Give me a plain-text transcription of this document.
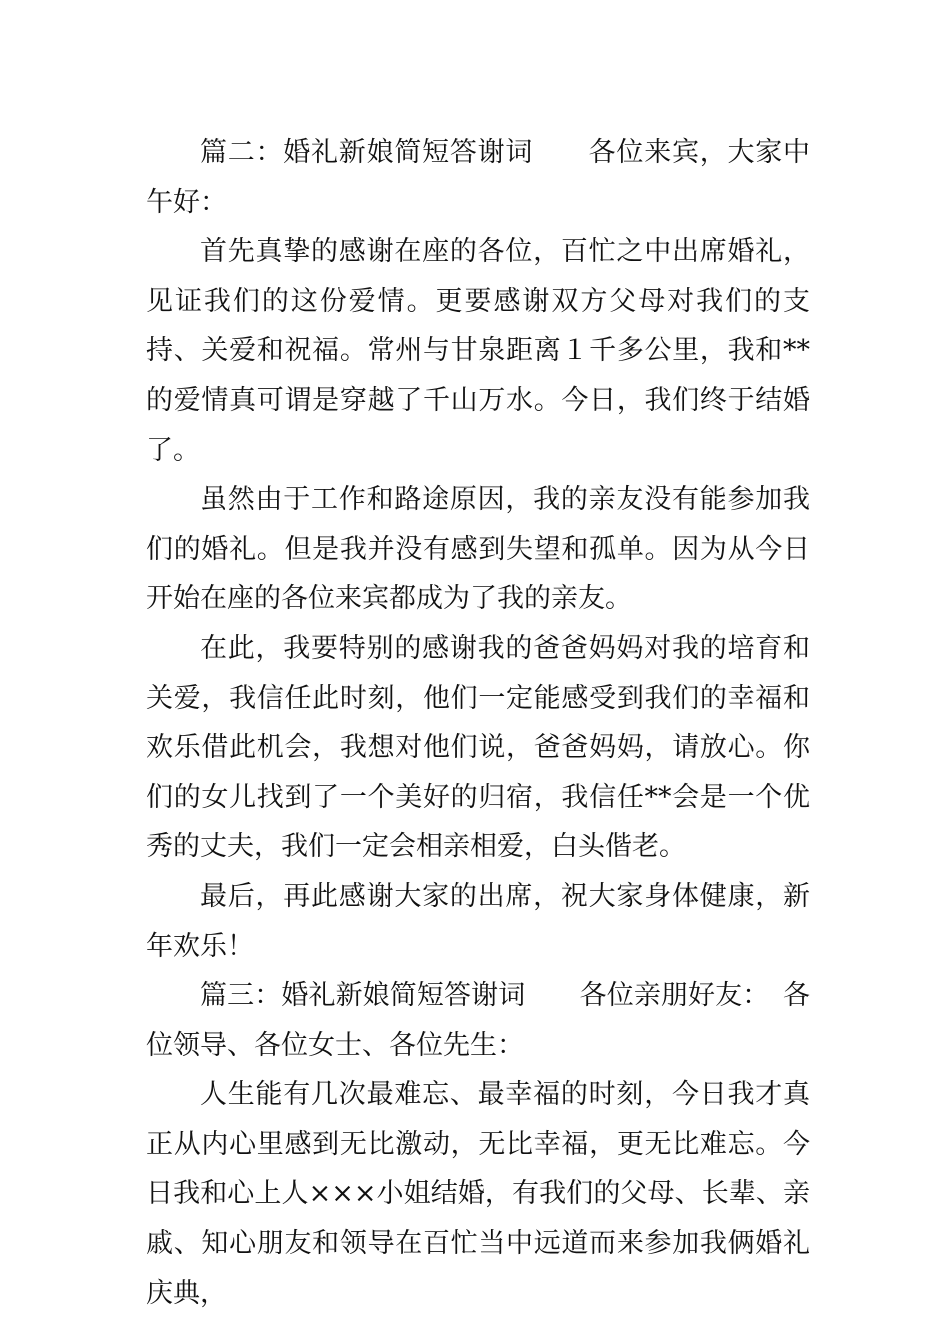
篇二：婚礼新娘简短答谢词　　各位来宾，大家中午好：

首先真挚的感谢在座的各位，百忙之中出席婚礼，见证我们的这份爱情。更要感谢双方父母对我们的支持、关爱和祝福。常州与甘泉距离１千多公里，我和**的爱情真可谓是穿越了千山万水。今日，我们终于结婚了。

虽然由于工作和路途原因，我的亲友没有能参加我们的婚礼。但是我并没有感到失望和孤单。因为从今日开始在座的各位来宾都成为了我的亲友。

在此，我要特别的感谢我的爸爸妈妈对我的培育和关爱，我信任此时刻，他们一定能感受到我们的幸福和欢乐借此机会，我想对他们说，爸爸妈妈，请放心。你们的女儿找到了一个美好的归宿，我信任**会是一个优秀的丈夫，我们一定会相亲相爱，白头偕老。

最后，再此感谢大家的出席，祝大家身体健康，新年欢乐！

篇三：婚礼新娘简短答谢词　　各位亲朋好友：　各位领导、各位女士、各位先生：

人生能有几次最难忘、最幸福的时刻，今日我才真正从内心里感到无比激动，无比幸福，更无比难忘。今日我和心上人×××小姐结婚，有我们的父母、长辈、亲戚、知心朋友和领导在百忙当中远道而来参加我俩婚礼庆典，
